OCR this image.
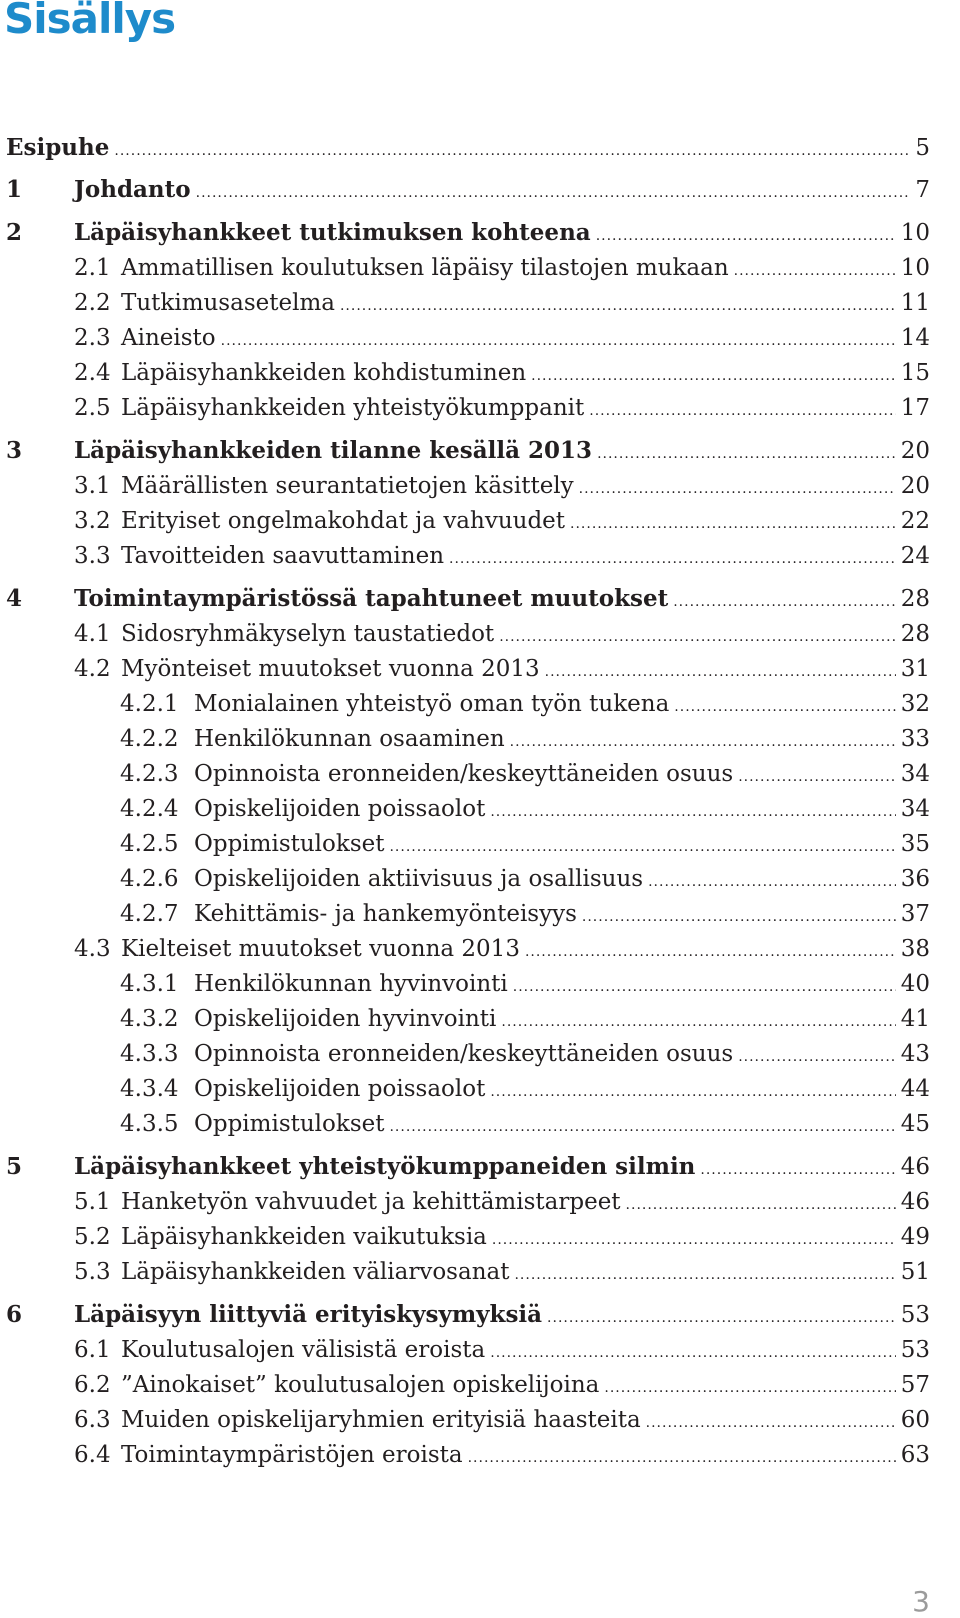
Sisällys
Esipuhe .....	5
1	Johdanto .....	7
2	Läpäisyhankkeet tutkimuksen kohteena .....	10
2.1 Ammatillisen koulutuksen läpäisy tilastojen mukaan .....	10
2.2 Tutkimusasetelma .....	11
2.3 Aineisto .....	14
2.4 Läpäisyhankkeiden kohdistuminen .....	15
2.5 Läpäisyhankkeiden yhteistyökumppanit .....	17
3	Läpäisyhankkeiden tilanne kesällä 2013 .....	20
3.1 Määrällisten seurantatietojen käsittely .....	20
3.2 Erityiset ongelmakohdat ja vahvuudet .....	22
3.3 Tavoitteiden saavuttaminen .....	24
4	Toimintaympäristössä tapahtuneet muutokset .....	28
4.1 Sidosryhmäkyselyn taustatiedot .....	28
4.2 Myönteiset muutokset vuonna 2013 .....	31
4.2.1 Monialainen yhteistyö oman työn tukena .....	32
4.2.2 Henkilökunnan osaaminen .....	33
4.2.3 Opinnoista eronneiden/keskeyttäneiden osuus .....	34
4.2.4 Opiskelijoiden poissaolot .....	34
4.2.5 Oppimistulokset .....	35
4.2.6 Opiskelijoiden aktiivisuus ja osallisuus .....	36
4.2.7 Kehittämis- ja hankemyönteisyys .....	37
4.3 Kielteiset muutokset vuonna 2013 .....	38
4.3.1 Henkilökunnan hyvinvointi .....	40
4.3.2 Opiskelijoiden hyvinvointi .....	41
4.3.3 Opinnoista eronneiden/keskeyttäneiden osuus .....	43
4.3.4 Opiskelijoiden poissaolot .....	44
4.3.5 Oppimistulokset .....	45
5	Läpäisyhankkeet yhteistyökumppaneiden silmin .....	46
5.1 Hanketyön vahvuudet ja kehittämistarpeet .....	46
5.2 Läpäisyhankkeiden vaikutuksia .....	49
5.3 Läpäisyhankkeiden väliarvosanat .....	51
6	Läpäisyyn liittyviä erityiskysymyksiä .....	53
6.1 Koulutusalojen välisistä eroista .....	53
6.2 ”Ainokaiset” koulutusalojen opiskelijoina .....	57
6.3 Muiden opiskelijaryhmien erityisiä haasteita .....	60
6.4 Toimintaympäristöjen eroista .....	63
3
